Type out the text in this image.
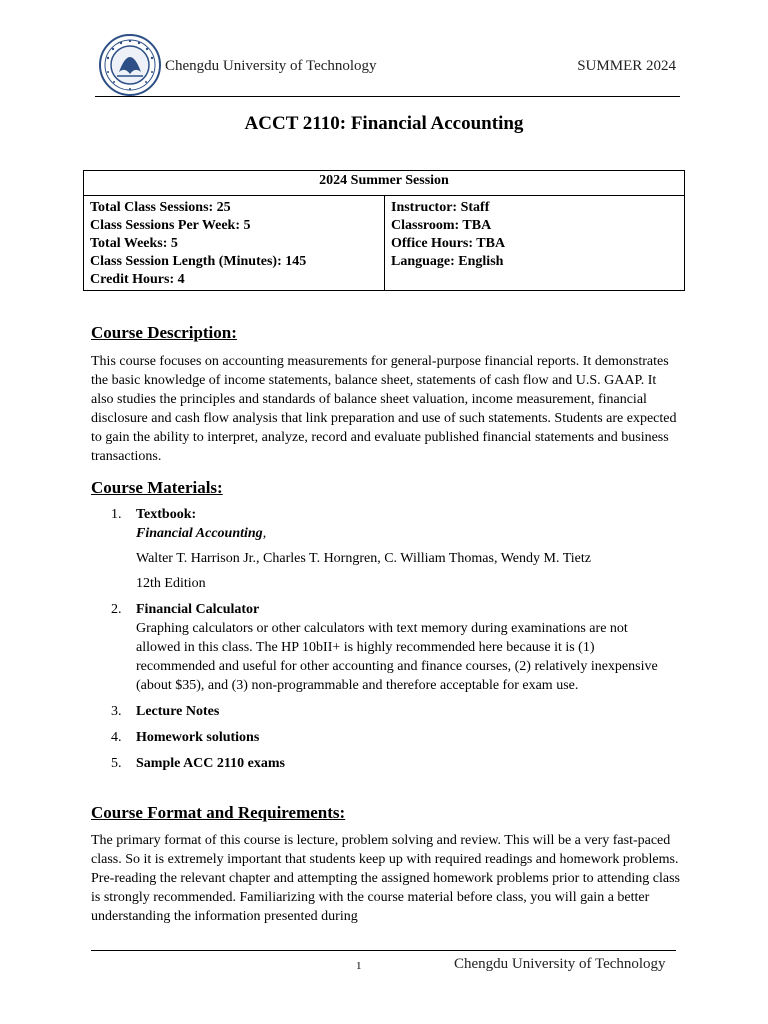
Chengdu University of Technology	SUMMER 2024
ACCT 2110: Financial Accounting
2024 Summer Session

Total Class Sessions: 25
Class Sessions Per Week: 5
Total Weeks: 5
Class Session Length (Minutes): 145
Credit Hours: 4

Instructor: Staff
Classroom: TBA
Office Hours: TBA
Language: English
Course Description:
This course focuses on accounting measurements for general-purpose financial reports. It demonstrates the basic knowledge of income statements, balance sheet, statements of cash flow and U.S. GAAP. It also studies the principles and standards of balance sheet valuation, income measurement, financial disclosure and cash flow analysis that link preparation and use of such statements. Students are expected to gain the ability to interpret, analyze, record and evaluate published financial statements and business transactions.
Course Materials:
1. Textbook:
Financial Accounting,
Walter T. Harrison Jr., Charles T. Horngren, C. William Thomas, Wendy M. Tietz
12th Edition
2. Financial Calculator
Graphing calculators or other calculators with text memory during examinations are not allowed in this class. The HP 10bII+ is highly recommended here because it is (1) recommended and useful for other accounting and finance courses, (2) relatively inexpensive (about $35), and (3) non-programmable and therefore acceptable for exam use.
3. Lecture Notes
4. Homework solutions
5. Sample ACC 2110 exams
Course Format and Requirements:
The primary format of this course is lecture, problem solving and review. This will be a very fast-paced class. So it is extremely important that students keep up with required readings and homework problems. Pre-reading the relevant chapter and attempting the assigned homework problems prior to attending class is strongly recommended. Familiarizing with the course material before class, you will gain a better understanding the information presented during
1	Chengdu University of Technology
